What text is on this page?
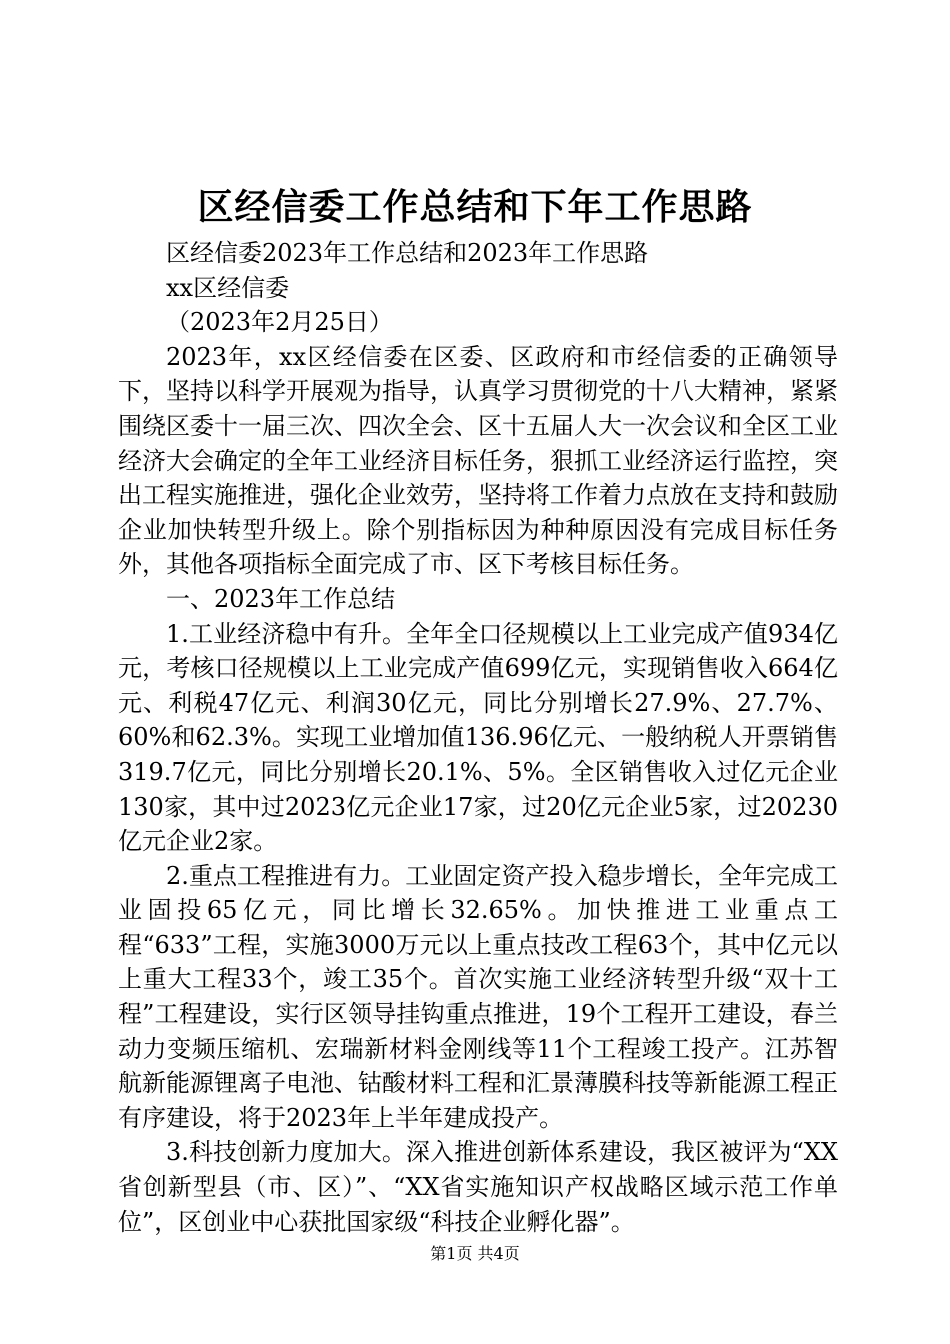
区经信委工作总结和下年工作思路

区经信委2023年工作总结和2023年工作思路

xx区经信委

（2023年2月25日）

2023年，xx区经信委在区委、区政府和市经信委的正确领导下，坚持以科学开展观为指导，认真学习贯彻党的十八大精神，紧紧围绕区委十一届三次、四次全会、区十五届人大一次会议和全区工业经济大会确定的全年工业经济目标任务，狠抓工业经济运行监控，突出工程实施推进，强化企业效劳，坚持将工作着力点放在支持和鼓励企业加快转型升级上。除个别指标因为种种原因没有完成目标任务外，其他各项指标全面完成了市、区下考核目标任务。

一、2023年工作总结

1.工业经济稳中有升。全年全口径规模以上工业完成产值934亿元，考核口径规模以上工业完成产值699亿元，实现销售收入664亿元、利税47亿元、利润30亿元，同比分别增长27.9%、27.7%、60%和62.3%。实现工业增加值136.96亿元、一般纳税人开票销售319.7亿元，同比分别增长20.1%、5%。全区销售收入过亿元企业130家，其中过2023亿元企业17家，过20亿元企业5家，过20230亿元企业2家。

2.重点工程推进有力。工业固定资产投入稳步增长，全年完成工业固投65亿元，同比增长32.65%。加快推进工业重点工程“633”工程，实施3000万元以上重点技改工程63个，其中亿元以上重大工程33个，竣工35个。首次实施工业经济转型升级“双十工程”工程建设，实行区领导挂钩重点推进，19个工程开工建设，春兰动力变频压缩机、宏瑞新材料金刚线等11个工程竣工投产。江苏智航新能源锂离子电池、钴酸材料工程和汇景薄膜科技等新能源工程正有序建设，将于2023年上半年建成投产。

3.科技创新力度加大。深入推进创新体系建设，我区被评为“XX省创新型县（市、区）”、“XX省实施知识产权战略区域示范工作单位”，区创业中心获批国家级“科技企业孵化器”。

第1页 共4页
